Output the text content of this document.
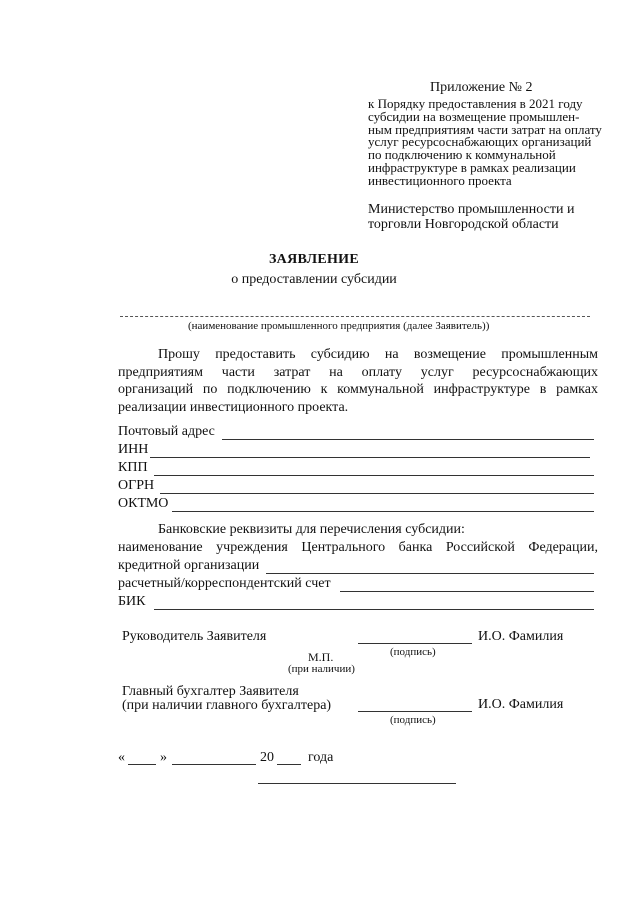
Приложение № 2
к Порядку предоставления в 2021 году
субсидии на возмещение промышлен-
ным предприятиям части затрат на оплату
услуг ресурсоснабжающих организаций
по подключению к коммунальной
инфраструктуре в рамках реализации
инвестиционного проекта
Министерство промышленности и
торговли Новгородской области
ЗАЯВЛЕНИЕ
о предоставлении субсидии
(наименование промышленного предприятия (далее Заявитель))
Прошу предоставить субсидию на возмещение промышленным
предприятиям части затрат на оплату услуг ресурсоснабжающих
организаций по подключению к коммунальной инфраструктуре в рамках
реализации инвестиционного проекта.
Почтовый адрес
ИНН
КПП
ОГРН
ОКТМО
Банковские реквизиты для перечисления субсидии:
наименование учреждения Центрального банка Российской Федерации,
кредитной организации
расчетный/корреспондентский счет
БИК
Руководитель Заявителя	И.О. Фамилия
(подпись)
М.П.
(при наличии)
Главный бухгалтер Заявителя
(при наличии главного бухгалтера)	И.О. Фамилия
(подпись)
«	»	20 года
